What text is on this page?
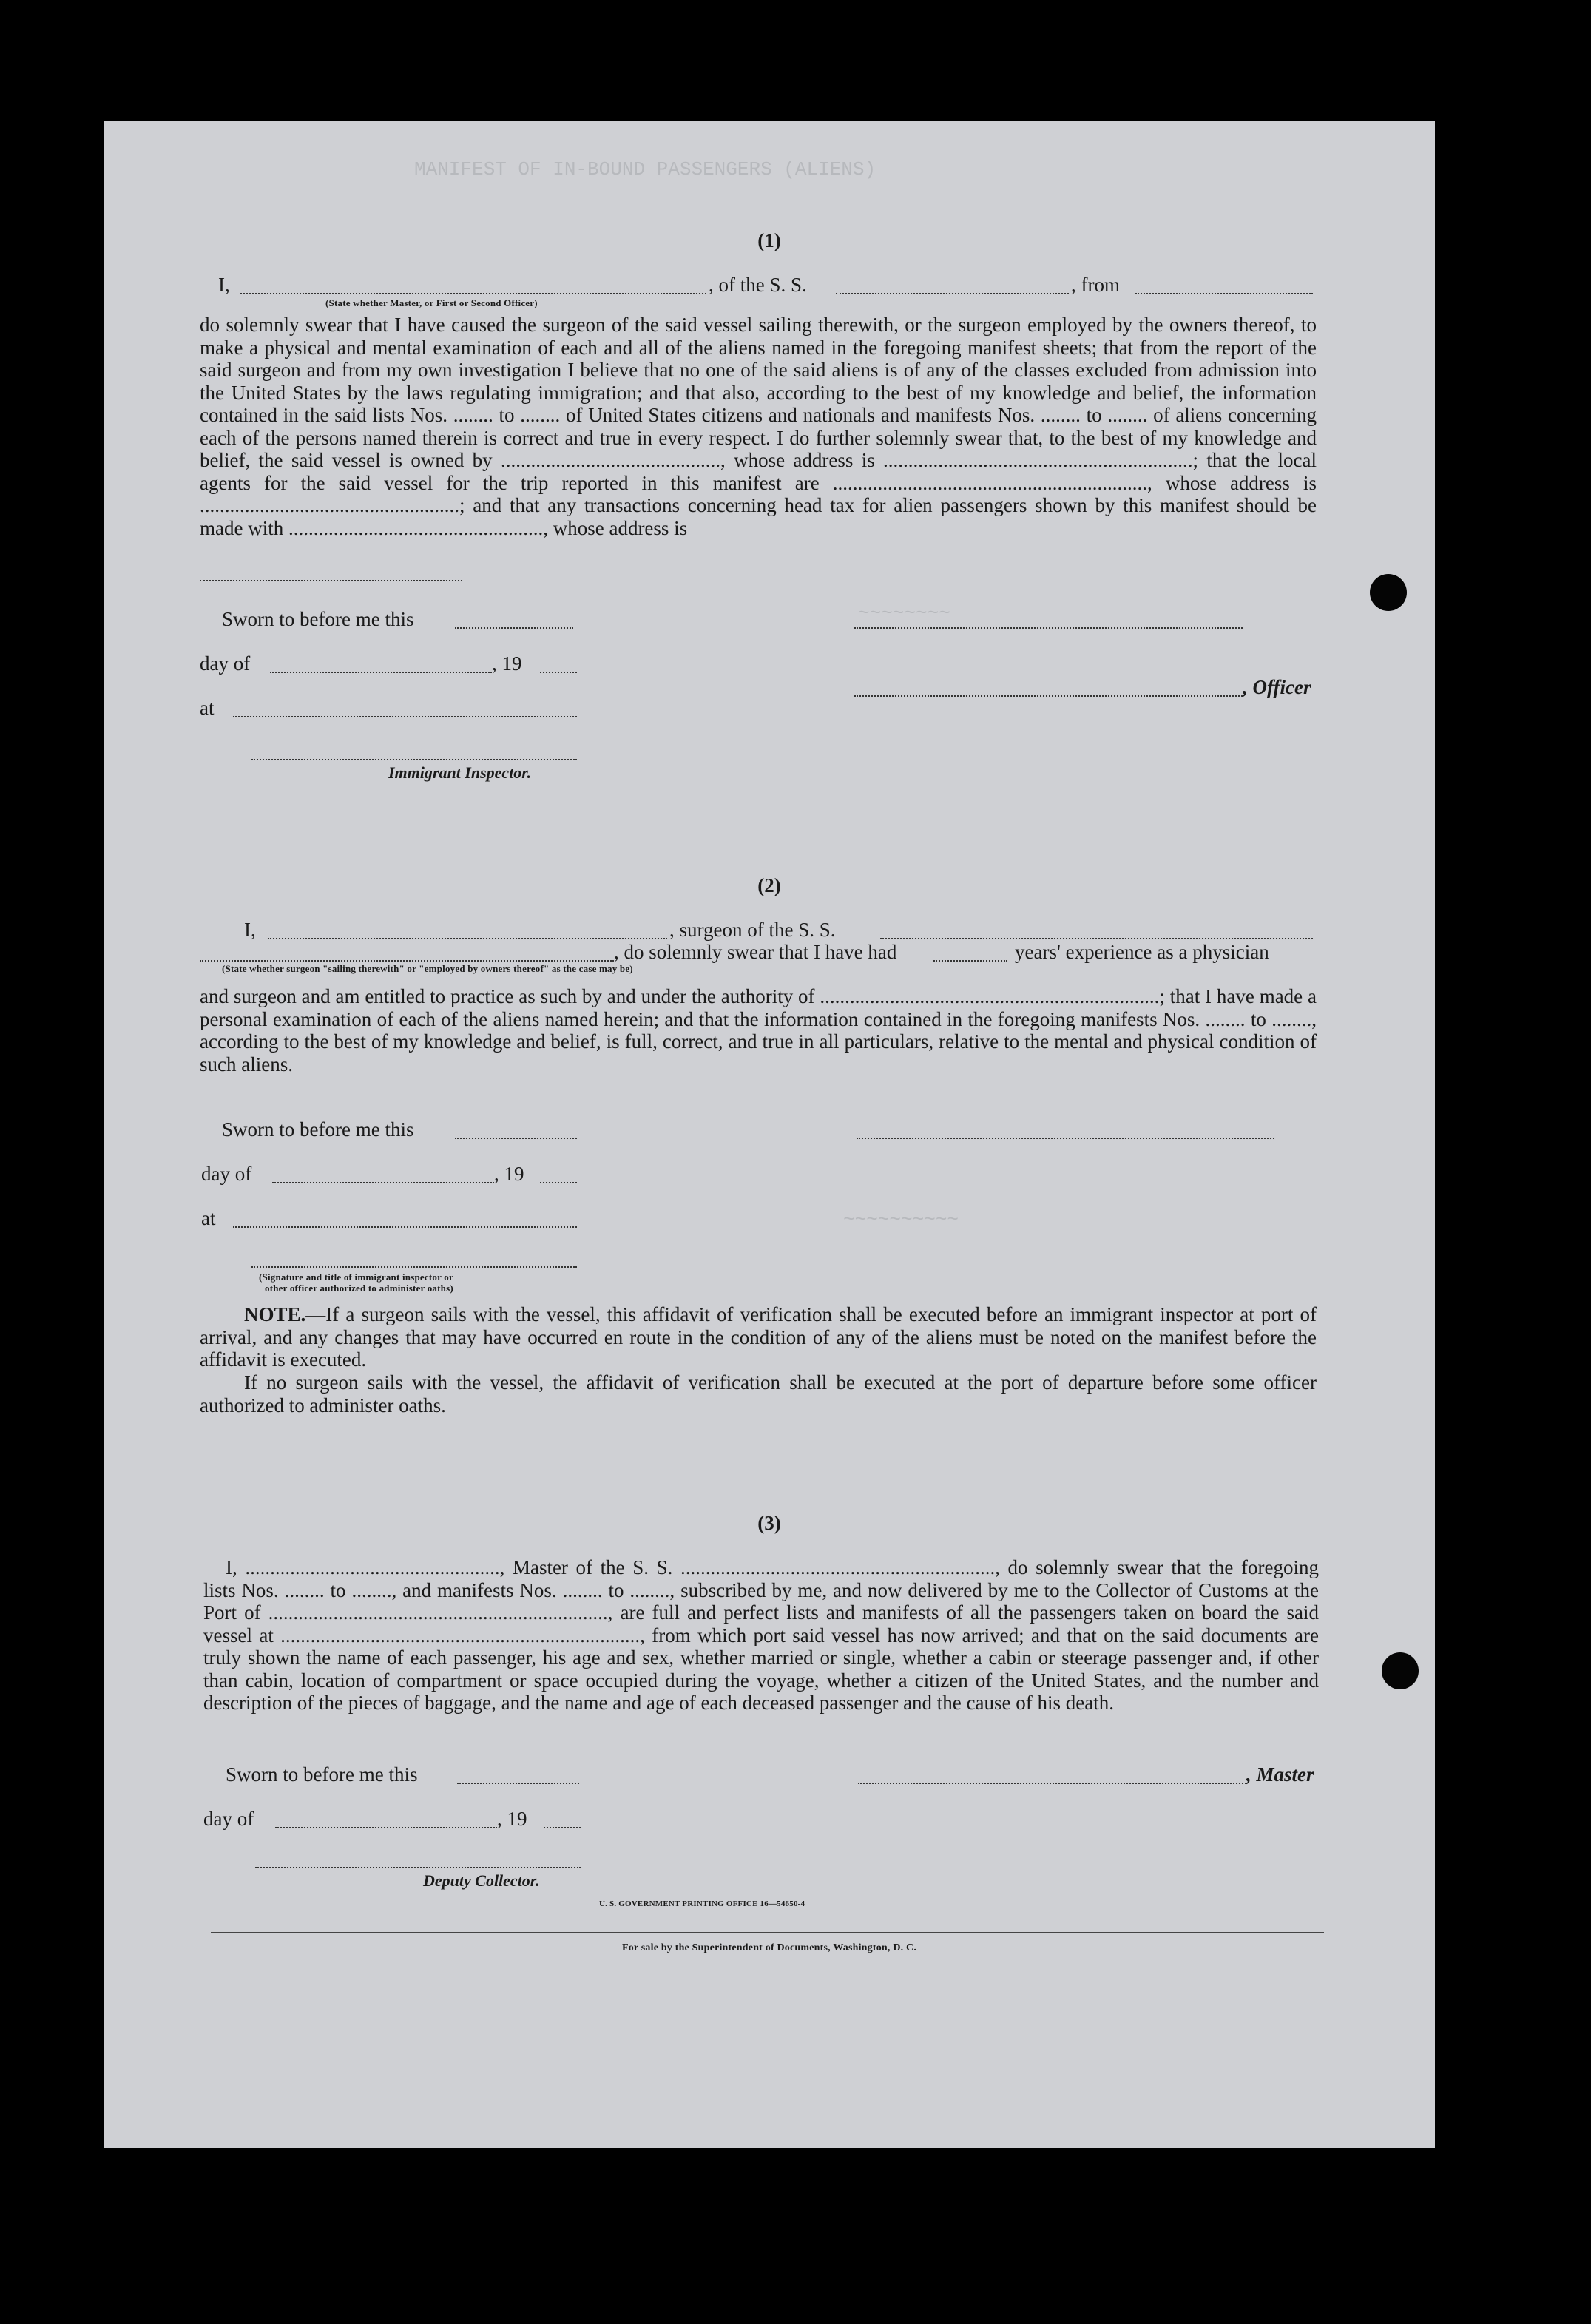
MANIFEST OF IN-BOUND PASSENGERS (ALIENS)
~~~~~~~~
~~~~~~~~~~
(1)
I,	, of the S. S.	, from
(State whether Master, or First or Second Officer)
do solemnly swear that I have caused the surgeon of the said vessel sailing therewith, or the surgeon employed by the owners thereof, to make a physical and mental examination of each and all of the aliens named in the foregoing manifest sheets; that from the report of the said surgeon and from my own investigation I believe that no one of the said aliens is of any of the classes excluded from admission into the United States by the laws regulating immigration; and that also, according to the best of my knowledge and belief, the information contained in the said lists Nos. ........ to ........ of United States citizens and nationals and manifests Nos. ........ to ........ of aliens concerning each of the persons named therein is correct and true in every respect. I do further solemnly swear that, to the best of my knowledge and belief, the said vessel is owned by ............................................, whose address is ..............................................................; that the local agents for the said vessel for the trip reported in this manifest are ..............................................................., whose address is ....................................................; and that any transactions concerning head tax for alien passengers shown by this manifest should be made with ..................................................., whose address is
Sworn to before me this
day of	, 19
, Officer
at
Immigrant Inspector.
(2)
I,	, surgeon of the S. S.
, do solemnly swear that I have had	years' experience as a physician
(State whether surgeon "sailing therewith" or "employed by owners thereof" as the case may be)
and surgeon and am entitled to practice as such by and under the authority of ....................................................................; that I have made a personal examination of each of the aliens named herein; and that the information contained in the foregoing manifests Nos. ........ to ........, according to the best of my knowledge and belief, is full, correct, and true in all particulars, relative to the mental and physical condition of such aliens.
Sworn to before me this
day of	, 19
at
(Signature and title of immigrant inspector or
other officer authorized to administer oaths)
NOTE.—If a surgeon sails with the vessel, this affidavit of verification shall be executed before an immigrant inspector at port of arrival, and any changes that may have occurred en route in the condition of any of the aliens must be noted on the manifest before the affidavit is executed.
If no surgeon sails with the vessel, the affidavit of verification shall be executed at the port of departure before some officer authorized to administer oaths.
(3)
I, ..................................................., Master of the S. S. ..............................................................., do solemnly swear that the foregoing lists Nos. ........ to ........, and manifests Nos. ........ to ........, subscribed by me, and now delivered by me to the Collector of Customs at the Port of ...................................................................., are full and perfect lists and manifests of all the passengers taken on board the said vessel at ........................................................................, from which port said vessel has now arrived; and that on the said documents are truly shown the name of each passenger, his age and sex, whether married or single, whether a cabin or steerage passenger and, if other than cabin, location of compartment or space occupied during the voyage, whether a citizen of the United States, and the number and description of the pieces of baggage, and the name and age of each deceased passenger and the cause of his death.
Sworn to before me this	, Master
day of	, 19
Deputy Collector.
U. S. GOVERNMENT PRINTING OFFICE 16—54650-4
For sale by the Superintendent of Documents, Washington, D. C.
